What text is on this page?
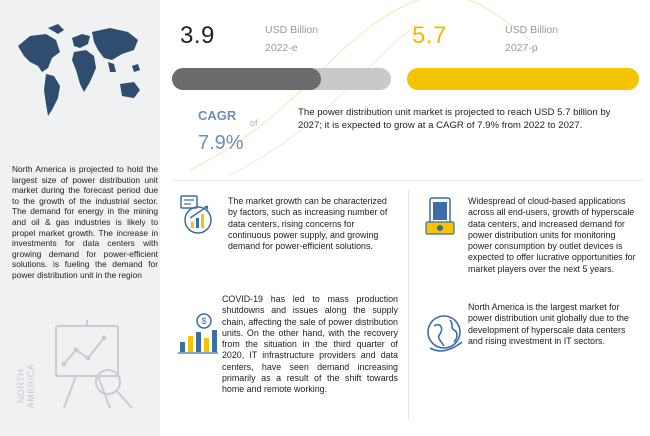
North America is projected to hold the largest size of power distribution unit market during the forecast period due to the growth of the industrial sector. The demand for energy in the mining and oil & gas industries is likely to propel market growth. The increase in investments for data centers with growing demand for power-efficient solutions. is fueling the demand for power distribution unit in the region
NORTH AMERICA
3.9	USD Billion
2022-e	5.7	USD Billion
2027-p
CAGR of
7.9%
The power distribution unit market is projected to reach USD 5.7 billion by 2027; it is expected to grow at a CAGR of 7.9% from 2022 to 2027.
$
The market growth can be characterized by factors, such as increasing number of data centers, rising concerns for continuous power supply, and growing demand for power-efficient solutions.
COVID-19 has led to mass production shutdowns and issues along the supply chain, affecting the sale of power distribution units. On the other hand, with the recovery from the situation in the third quarter of 2020, IT infrastructure providers and data centers, have seen demand increasing primarily as a result of the shift towards home and remote working.
Widespread of cloud-based applications across all end-users, growth of hyperscale data centers, and increased demand for power distribution units for monitoring power consumption by outlet devices is expected to offer lucrative opportunities for market players over the next 5 years.
North America is the largest market for power distribution unit globally due to the development of hyperscale data centers and rising investment in IT sectors.
